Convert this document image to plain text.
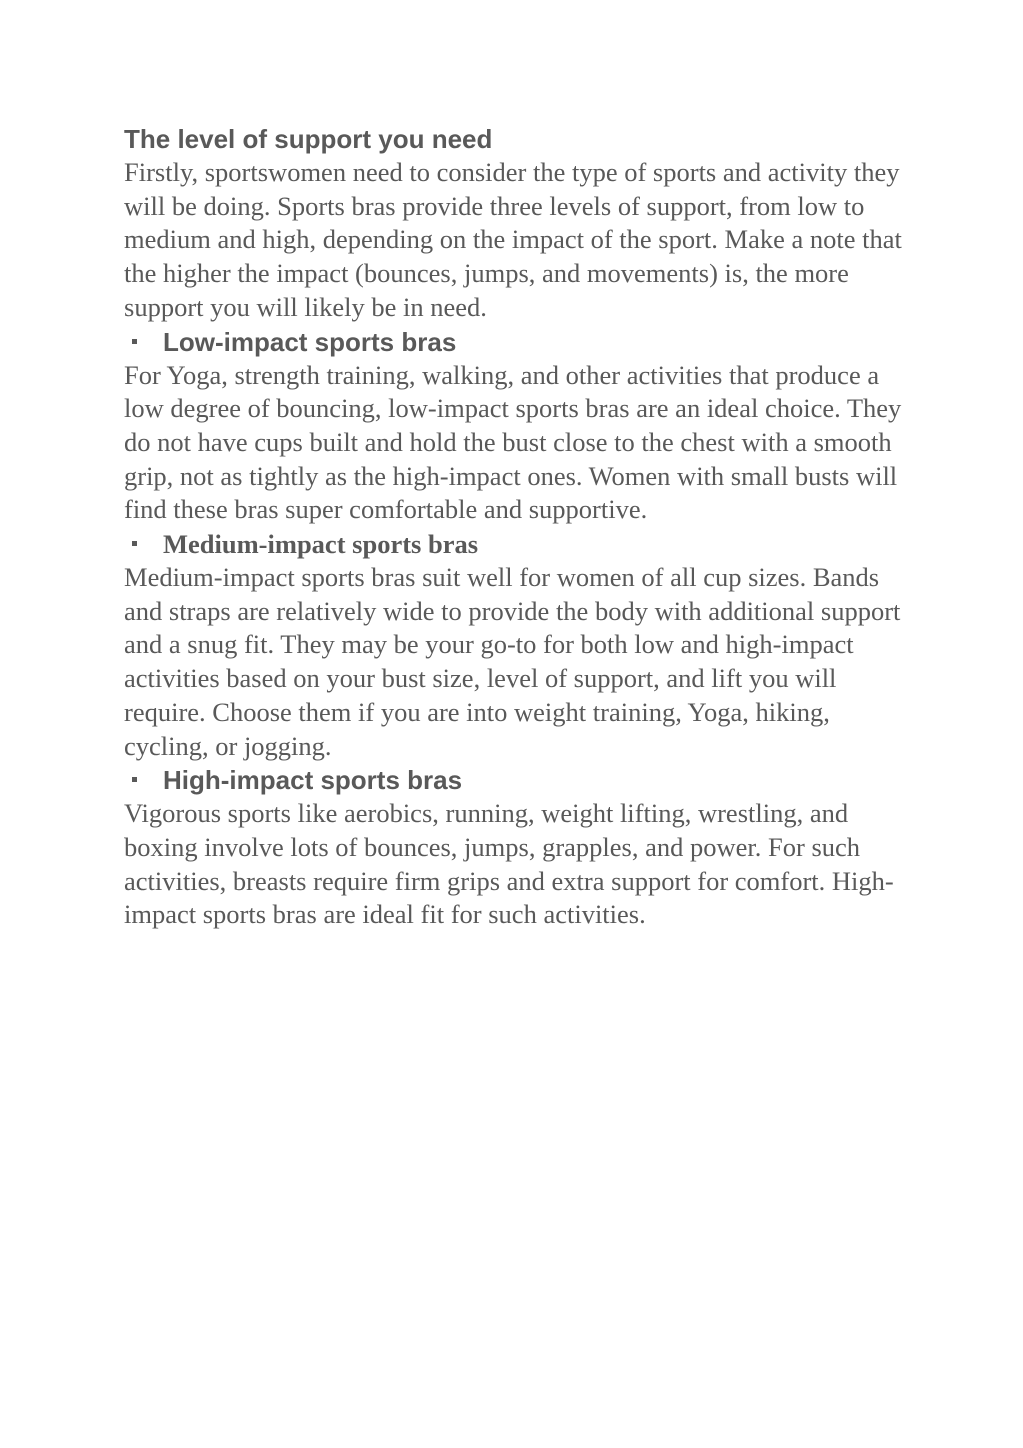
The level of support you need

Firstly, sportswomen need to consider the type of sports and activity they will be doing. Sports bras provide three levels of support, from low to medium and high, depending on the impact of the sport. Make a note that the higher the impact (bounces, jumps, and movements) is, the more support you will likely be in need.

Low-impact sports bras

For Yoga, strength training, walking, and other activities that produce a low degree of bouncing, low-impact sports bras are an ideal choice. They do not have cups built and hold the bust close to the chest with a smooth grip, not as tightly as the high-impact ones. Women with small busts will find these bras super comfortable and supportive.

Medium-impact sports bras

Medium-impact sports bras suit well for women of all cup sizes. Bands and straps are relatively wide to provide the body with additional support and a snug fit. They may be your go-to for both low and high-impact activities based on your bust size, level of support, and lift you will require. Choose them if you are into weight training, Yoga, hiking, cycling, or jogging.

High-impact sports bras

Vigorous sports like aerobics, running, weight lifting, wrestling, and boxing involve lots of bounces, jumps, grapples, and power. For such activities, breasts require firm grips and extra support for comfort. High-impact sports bras are ideal fit for such activities.
